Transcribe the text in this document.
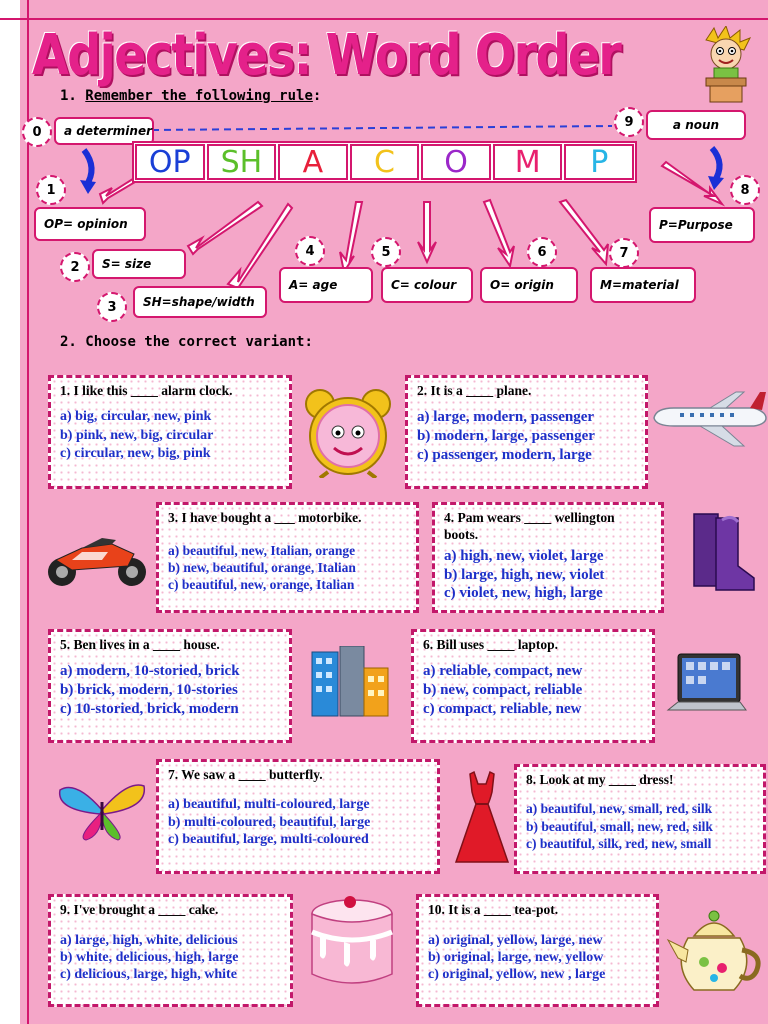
Adjectives: Word Order
1. Remember the following rule:
0	a determiner
9	a noun
OP SH A C O M P
1
OP= opinion
2	S= size
3	SH=shape/width
4
A= age
5
C= colour
6
O= origin
7
M=material
8
P=Purpose
2. Choose the correct variant:
1. I like this ____ alarm clock.
a) big, circular, new, pink
b) pink, new, big, circular
c) circular, new, big, pink
2. It is a ____ plane.
a) large, modern, passenger
b) modern, large, passenger
c) passenger, modern, large
3. I have bought a ___ motorbike.
a) beautiful, new, Italian, orange
b) new, beautiful, orange, Italian
c) beautiful, new, orange, Italian
4. Pam wears ____ wellington boots.
a) high, new, violet, large
b) large, high, new, violet
c) violet, new, high, large
5. Ben lives in a ____ house.
a) modern, 10-storied, brick
b) brick, modern, 10-stories
c) 10-storied, brick, modern
6. Bill uses ____ laptop.
a) reliable, compact, new
b) new, compact, reliable
c) compact, reliable, new
7. We saw a ____ butterfly.
a) beautiful, multi-coloured, large
b) multi-coloured, beautiful, large
c) beautiful, large, multi-coloured
8. Look at my ____ dress!
a) beautiful, new, small, red, silk
b) beautiful, small, new, red, silk
c) beautiful, silk, red, new, small
9. I've brought a ____ cake.
a) large, high, white, delicious
b) white, delicious, high, large
c) delicious, large, high, white
10. It is a ____ tea-pot.
a) original, yellow, large, new
b) original, large, new, yellow
c) original, yellow, new , large
